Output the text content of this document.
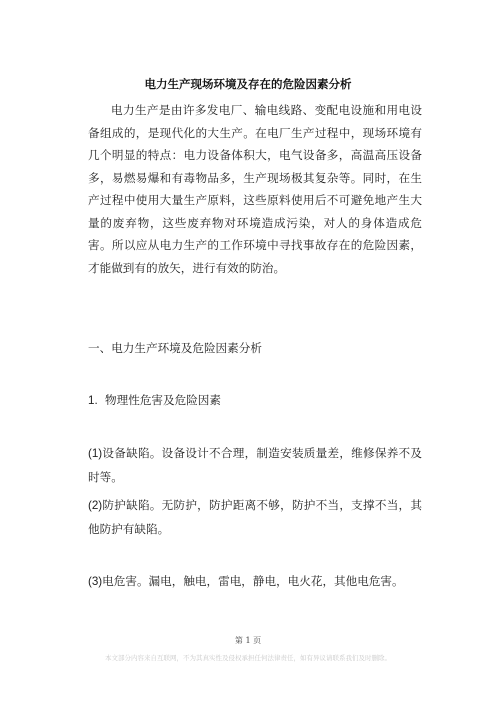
电力生产现场环境及存在的危险因素分析

电力生产是由许多发电厂、输电线路、变配电设施和用电设备组成的，是现代化的大生产。在电厂生产过程中，现场环境有几个明显的特点：电力设备体积大，电气设备多，高温高压设备多，易燃易爆和有毒物品多，生产现场极其复杂等。同时，在生产过程中使用大量生产原料，这些原料使用后不可避免地产生大量的废弃物，这些废弃物对环境造成污染，对人的身体造成危害。所以应从电力生产的工作环境中寻找事故存在的危险因素，才能做到有的放矢，进行有效的防治。

一、电力生产环境及危险因素分析

1. 物理性危害及危险因素

(1)设备缺陷。设备设计不合理，制造安装质量差，维修保养不及时等。

(2)防护缺陷。无防护，防护距离不够，防护不当，支撑不当，其他防护有缺陷。

(3)电危害。漏电，触电，雷电，静电，电火花，其他电危害。

第 1 页
本文部分内容来自互联网，不为其真实性及侵权承担任何法律责任，如有异议请联系我们及时删除。
